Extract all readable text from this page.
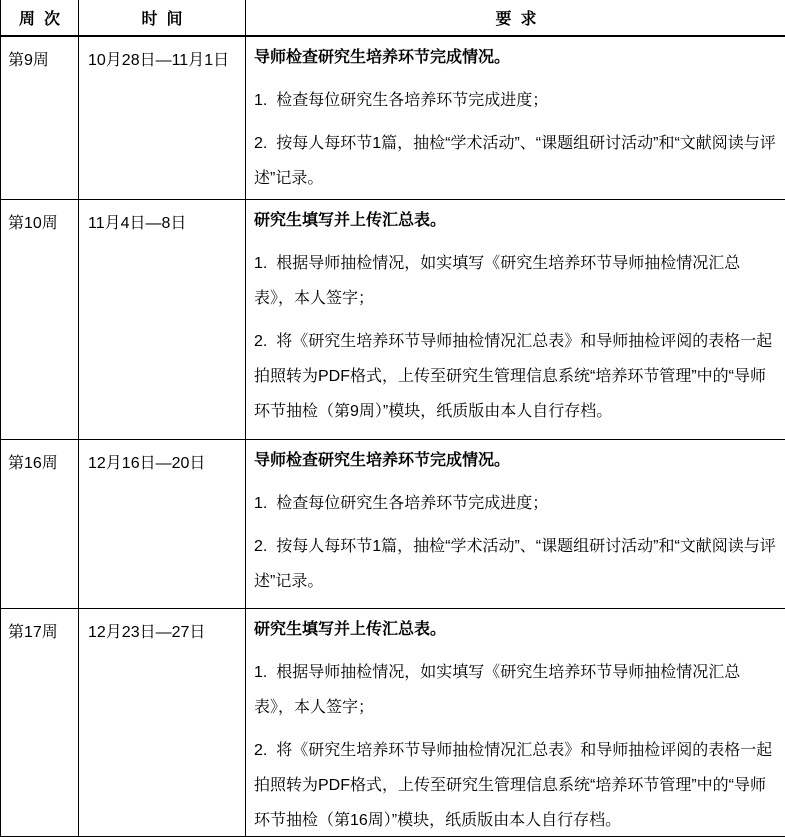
周次	时间	要求
第9周	10月28日—11月1日	导师检查研究生培养环节完成情况。

1.  检查每位研究生各培养环节完成进度；

2.  按每人每环节1篇，抽检“学术活动”、“课题组研讨活动”和“文献阅读与评述”记录。

第10周	11月4日—8日	研究生填写并上传汇总表。

1.  根据导师抽检情况，如实填写《研究生培养环节导师抽检情况汇总表》，本人签字；

2.  将《研究生培养环节导师抽检情况汇总表》和导师抽检评阅的表格一起拍照转为PDF格式，上传至研究生管理信息系统“培养环节管理”中的“导师环节抽检（第9周）”模块，纸质版由本人自行存档。

第16周	12月16日—20日	导师检查研究生培养环节完成情况。

1.  检查每位研究生各培养环节完成进度；

2.  按每人每环节1篇，抽检“学术活动”、“课题组研讨活动”和“文献阅读与评述”记录。

第17周	12月23日—27日	研究生填写并上传汇总表。

1.  根据导师抽检情况，如实填写《研究生培养环节导师抽检情况汇总表》，本人签字；

2.  将《研究生培养环节导师抽检情况汇总表》和导师抽检评阅的表格一起拍照转为PDF格式，上传至研究生管理信息系统“培养环节管理”中的“导师环节抽检（第16周）”模块，纸质版由本人自行存档。
